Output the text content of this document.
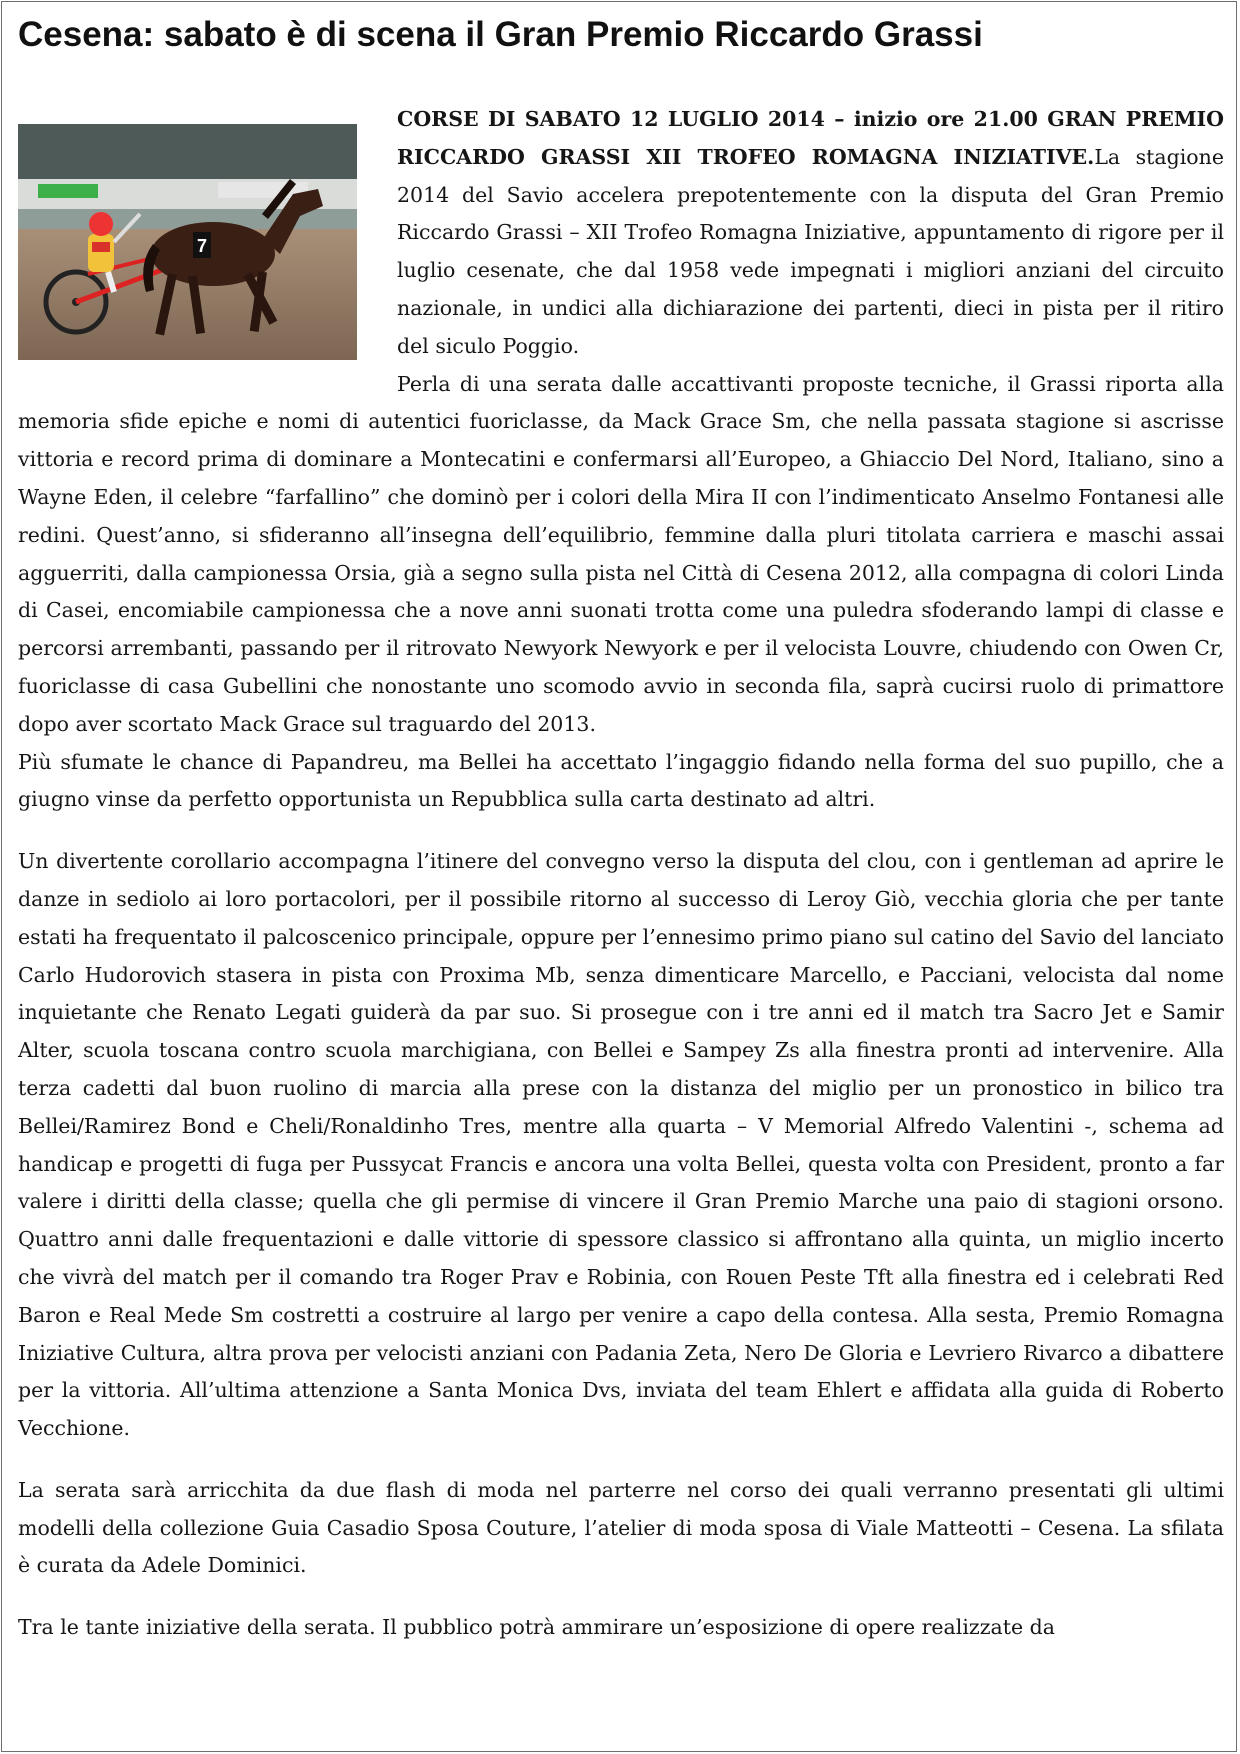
Cesena: sabato è di scena il Gran Premio Riccardo Grassi
7

CORSE DI SABATO 12 LUGLIO 2014 – inizio ore 21.00 GRAN PREMIO RICCARDO GRASSI XII TROFEO ROMAGNA INIZIATIVE.La stagione 2014 del Savio accelera prepotentemente con la disputa del Gran Premio Riccardo Grassi – XII Trofeo Romagna Iniziative, appuntamento di rigore per il luglio cesenate, che dal 1958 vede impegnati i migliori anziani del circuito nazionale, in undici alla dichiarazione dei partenti, dieci in pista per il ritiro del siculo Poggio.

Perla di una serata dalle accattivanti proposte tecniche, il Grassi riporta alla memoria sfide epiche e nomi di autentici fuoriclasse, da Mack Grace Sm, che nella passata stagione si ascrisse vittoria e record prima di dominare a Montecatini e confermarsi all’Europeo, a Ghiaccio Del Nord, Italiano, sino a Wayne Eden, il celebre “farfallino” che dominò per i colori della Mira II con l’indimenticato Anselmo Fontanesi alle redini. Quest’anno, si sfideranno all’insegna dell’equilibrio, femmine dalla pluri titolata carriera e maschi assai agguerriti, dalla campionessa Orsia, già a segno sulla pista nel Città di Cesena 2012, alla compagna di colori Linda di Casei, encomiabile campionessa che a nove anni suonati trotta come una puledra sfoderando lampi di classe e percorsi arrembanti, passando per il ritrovato Newyork Newyork e per il velocista Louvre, chiudendo con Owen Cr, fuoriclasse di casa Gubellini che nonostante uno scomodo avvio in seconda fila, saprà cucirsi ruolo di primattore dopo aver scortato Mack Grace sul traguardo del 2013.

Più sfumate le chance di Papandreu, ma Bellei ha accettato l’ingaggio fidando nella forma del suo pupillo, che a giugno vinse da perfetto opportunista un Repubblica sulla carta destinato ad altri.

Un divertente corollario accompagna l’itinere del convegno verso la disputa del clou, con i gentleman ad aprire le danze in sediolo ai loro portacolori, per il possibile ritorno al successo di Leroy Giò, vecchia gloria che per tante estati ha frequentato il palcoscenico principale, oppure per l’ennesimo primo piano sul catino del Savio del lanciato Carlo Hudorovich stasera in pista con Proxima Mb, senza dimenticare Marcello, e Pacciani, velocista dal nome inquietante che Renato Legati guiderà da par suo. Si prosegue con i tre anni ed il match tra Sacro Jet e Samir Alter, scuola toscana contro scuola marchigiana, con Bellei e Sampey Zs alla finestra pronti ad intervenire. Alla terza cadetti dal buon ruolino di marcia alla prese con la distanza del miglio per un pronostico in bilico tra Bellei/Ramirez Bond e Cheli/Ronaldinho Tres, mentre alla quarta – V Memorial Alfredo Valentini -, schema ad handicap e progetti di fuga per Pussycat Francis e ancora una volta Bellei, questa volta con President, pronto a far valere i diritti della classe; quella che gli permise di vincere il Gran Premio Marche una paio di stagioni orsono. Quattro anni dalle frequentazioni e dalle vittorie di spessore classico si affrontano alla quinta, un miglio incerto che vivrà del match per il comando tra Roger Prav e Robinia, con Rouen Peste Tft alla finestra ed i celebrati Red Baron e Real Mede Sm costretti a costruire al largo per venire a capo della contesa. Alla sesta, Premio Romagna Iniziative Cultura, altra prova per velocisti anziani con Padania Zeta, Nero De Gloria e Levriero Rivarco a dibattere per la vittoria. All’ultima attenzione a Santa Monica Dvs, inviata del team Ehlert e affidata alla guida di Roberto Vecchione.

La serata sarà arricchita da due flash di moda nel parterre nel corso dei quali verranno presentati gli ultimi modelli della collezione Guia Casadio Sposa Couture, l’atelier di moda sposa di Viale Matteotti – Cesena. La sfilata è curata da Adele Dominici.

Tra le tante iniziative della serata. Il pubblico potrà ammirare un’esposizione di opere realizzate da
